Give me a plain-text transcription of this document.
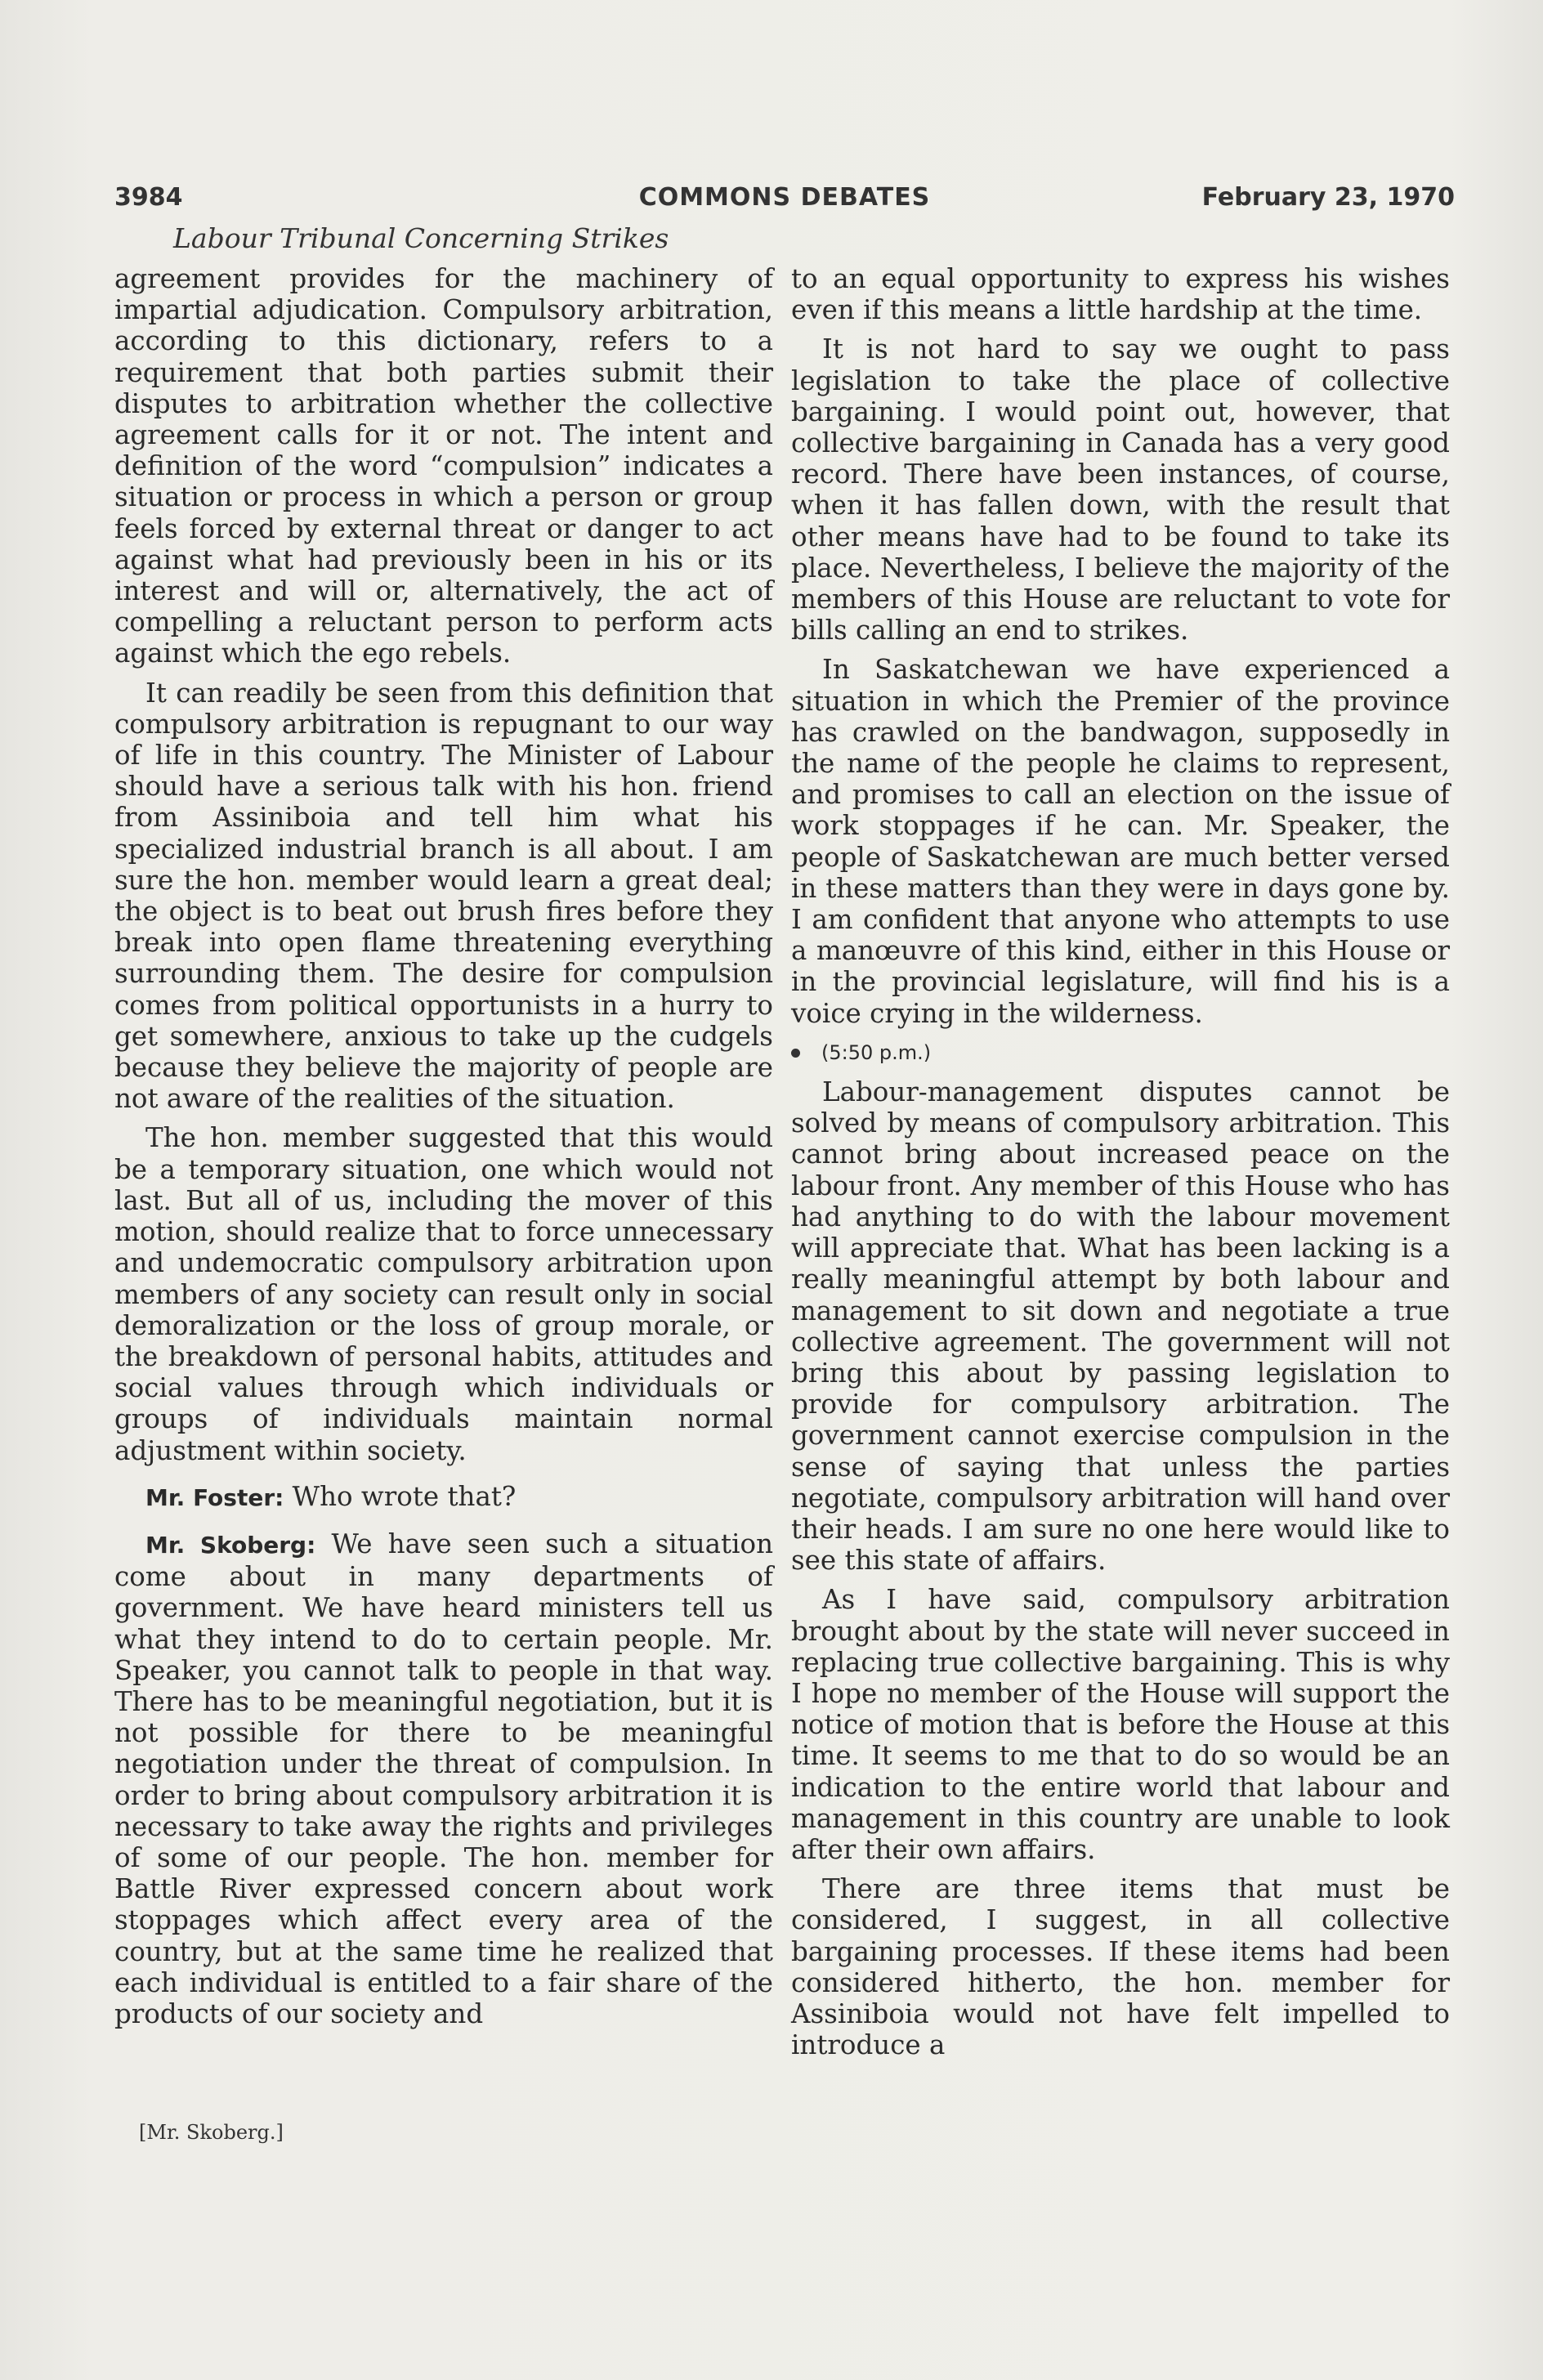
COMMONS DEBATES
3984	February 23, 1970
Labour Tribunal Concerning Strikes

agreement provides for the machinery of impartial adjudication. Compulsory arbitration, according to this dictionary, refers to a requirement that both parties submit their disputes to arbitration whether the collective agreement calls for it or not. The intent and definition of the word “compulsion” indicates a situation or process in which a person or group feels forced by external threat or danger to act against what had previously been in his or its interest and will or, alternatively, the act of compelling a reluctant person to perform acts against which the ego rebels.

It can readily be seen from this definition that compulsory arbitration is repugnant to our way of life in this country. The Minister of Labour should have a serious talk with his hon. friend from Assiniboia and tell him what his specialized industrial branch is all about. I am sure the hon. member would learn a great deal; the object is to beat out brush fires before they break into open flame threatening everything surrounding them. The desire for compulsion comes from political opportunists in a hurry to get somewhere, anxious to take up the cudgels because they believe the majority of people are not aware of the realities of the situation.

The hon. member suggested that this would be a temporary situation, one which would not last. But all of us, including the mover of this motion, should realize that to force unnecessary and undemocratic compulsory arbitration upon members of any society can result only in social demoralization or the loss of group morale, or the breakdown of personal habits, attitudes and social values through which individuals or groups of individuals maintain normal adjustment within society.

Mr. Foster: Who wrote that?

Mr. Skoberg: We have seen such a situation come about in many departments of government. We have heard ministers tell us what they intend to do to certain people. Mr. Speaker, you cannot talk to people in that way. There has to be meaningful negotiation, but it is not possible for there to be meaningful negotiation under the threat of compulsion. In order to bring about compulsory arbitration it is necessary to take away the rights and privileges of some of our people. The hon. member for Battle River expressed concern about work stoppages which affect every area of the country, but at the same time he realized that each individual is entitled to a fair share of the products of our society and

[Mr. Skoberg.]

to an equal opportunity to express his wishes even if this means a little hardship at the time.

It is not hard to say we ought to pass legislation to take the place of collective bargaining. I would point out, however, that collective bargaining in Canada has a very good record. There have been instances, of course, when it has fallen down, with the result that other means have had to be found to take its place. Nevertheless, I believe the majority of the members of this House are reluctant to vote for bills calling an end to strikes.

In Saskatchewan we have experienced a situation in which the Premier of the province has crawled on the bandwagon, supposedly in the name of the people he claims to represent, and promises to call an election on the issue of work stoppages if he can. Mr. Speaker, the people of Saskatchewan are much better versed in these matters than they were in days gone by. I am confident that anyone who attempts to use a manœuvre of this kind, either in this House or in the provincial legislature, will find his is a voice crying in the wilderness.

(5:50 p.m.)

Labour-management disputes cannot be solved by means of compulsory arbitration. This cannot bring about increased peace on the labour front. Any member of this House who has had anything to do with the labour movement will appreciate that. What has been lacking is a really meaningful attempt by both labour and management to sit down and negotiate a true collective agreement. The government will not bring this about by passing legislation to provide for compulsory arbitration. The government cannot exercise compulsion in the sense of saying that unless the parties negotiate, compulsory arbitration will hand over their heads. I am sure no one here would like to see this state of affairs.

As I have said, compulsory arbitration brought about by the state will never succeed in replacing true collective bargaining. This is why I hope no member of the House will support the notice of motion that is before the House at this time. It seems to me that to do so would be an indication to the entire world that labour and management in this country are unable to look after their own affairs.

There are three items that must be considered, I suggest, in all collective bargaining processes. If these items had been considered hitherto, the hon. member for Assiniboia would not have felt impelled to introduce a
